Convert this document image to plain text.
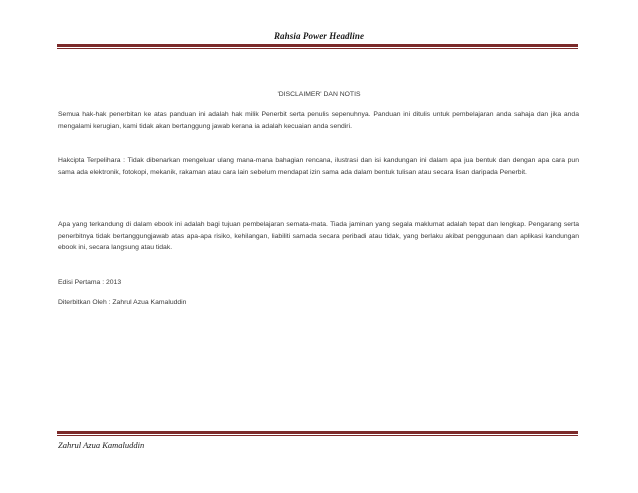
Rahsia Power Headline
'DISCLAIMER' DAN NOTIS

Semua hak-hak penerbitan ke atas panduan ini adalah hak milik Penerbit serta penulis sepenuhnya. Panduan ini ditulis untuk pembelajaran anda sahaja dan jika anda mengalami kerugian, kami tidak akan bertanggung jawab kerana ia adalah kecuaian anda sendiri.

Hakcipta Terpelihara : Tidak dibenarkan mengeluar ulang mana-mana bahagian rencana, ilustrasi dan isi kandungan ini dalam apa jua bentuk dan dengan apa cara pun sama ada elektronik, fotokopi, mekanik, rakaman atau cara lain sebelum mendapat izin sama ada dalam bentuk tulisan atau secara lisan daripada Penerbit.

Apa yang terkandung di dalam ebook ini adalah bagi tujuan pembelajaran semata-mata. Tiada jaminan yang segala maklumat adalah tepat dan lengkap. Pengarang serta penerbitnya tidak bertanggungjawab atas apa-apa risiko, kehilangan, liabiliti samada secara peribadi atau tidak, yang berlaku akibat penggunaan dan aplikasi kandungan ebook ini, secara langsung atau tidak.

Edisi Pertama : 2013

Diterbitkan Oleh : Zahrul Azua Kamaluddin

Zahrul Azua Kamaluddin
